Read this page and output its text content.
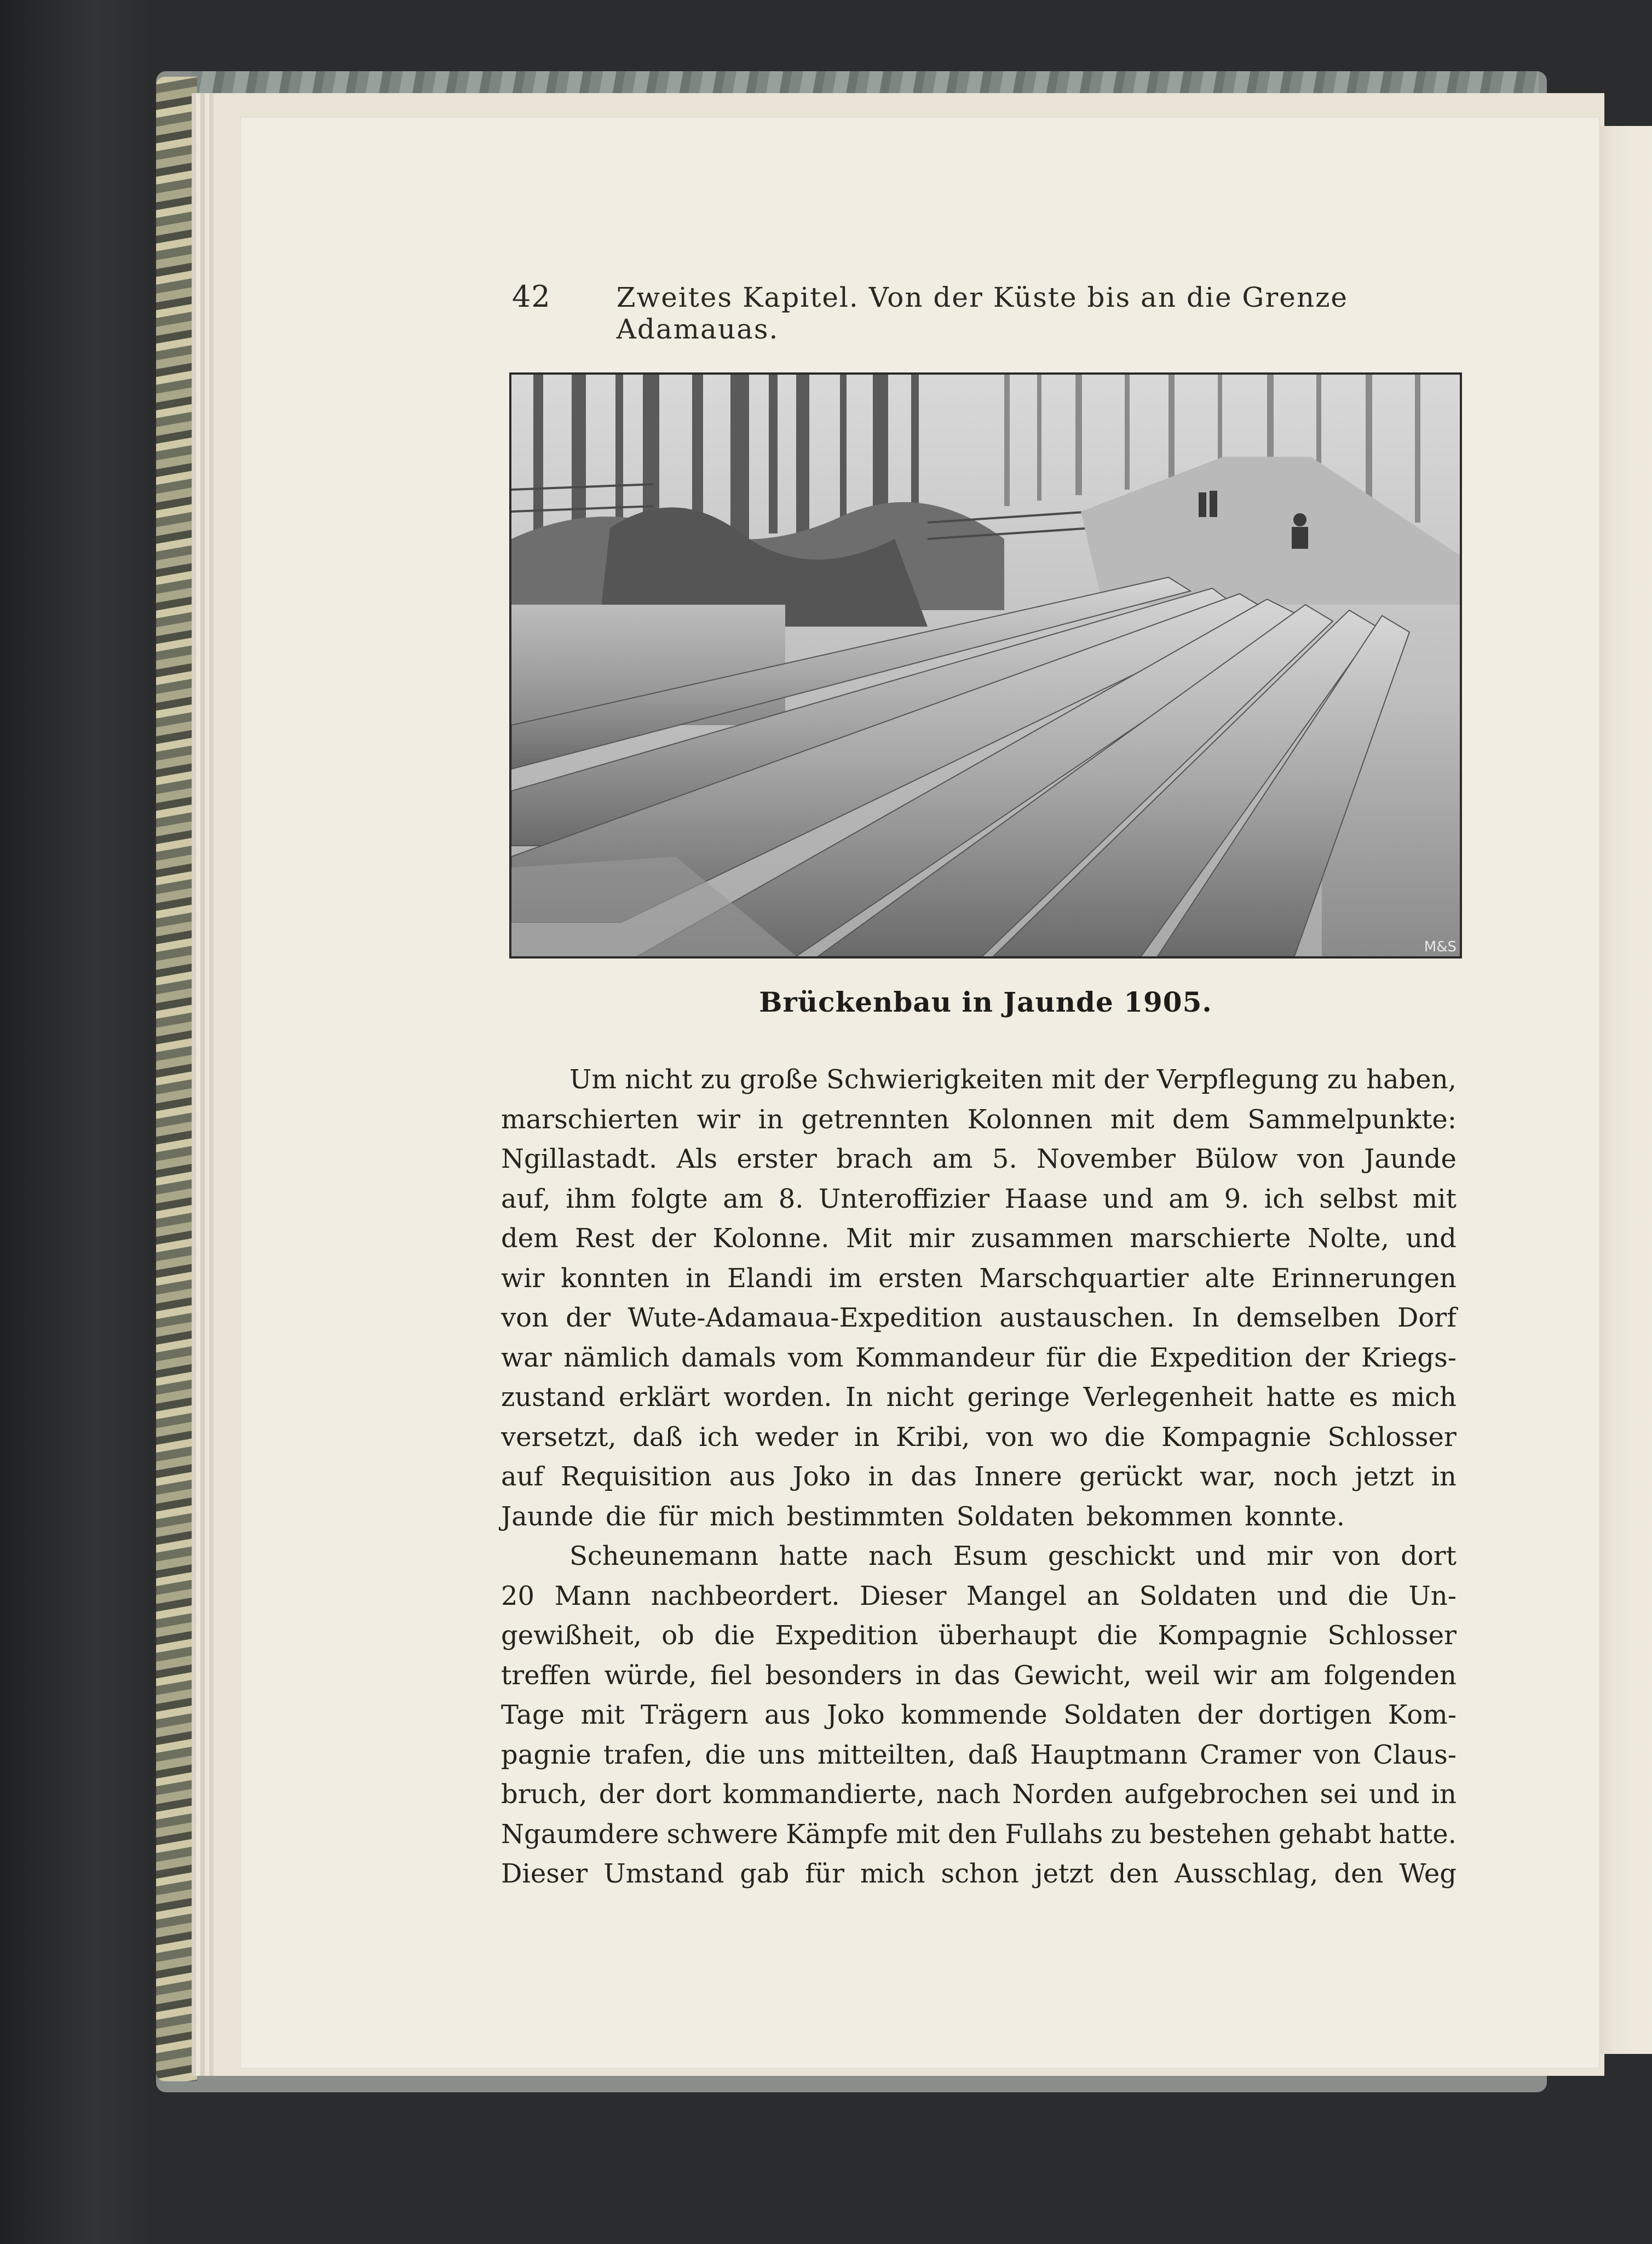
42 Zweites Kapitel. Von der Küste bis an die Grenze Adamauas.
M&S
Brückenbau in Jaunde 1905.
Um nicht zu große Schwierigkeiten mit der Verpflegung zu haben,
marschierten wir in getrennten Kolonnen mit dem Sammelpunkte:
Ngillastadt. Als erster brach am 5. November Bülow von Jaunde
auf, ihm folgte am 8. Unteroffizier Haase und am 9. ich selbst mit
dem Rest der Kolonne. Mit mir zusammen marschierte Nolte, und
wir konnten in Elandi im ersten Marschquartier alte Erinnerungen
von der Wute-Adamaua-Expedition austauschen. In demselben Dorf
war nämlich damals vom Kommandeur für die Expedition der Kriegs-
zustand erklärt worden. In nicht geringe Verlegenheit hatte es mich
versetzt, daß ich weder in Kribi, von wo die Kompagnie Schlosser
auf Requisition aus Joko in das Innere gerückt war, noch jetzt in
Jaunde die für mich bestimmten Soldaten bekommen konnte.
Scheunemann hatte nach Esum geschickt und mir von dort
20 Mann nachbeordert. Dieser Mangel an Soldaten und die Un-
gewißheit, ob die Expedition überhaupt die Kompagnie Schlosser
treffen würde, fiel besonders in das Gewicht, weil wir am folgenden
Tage mit Trägern aus Joko kommende Soldaten der dortigen Kom-
pagnie trafen, die uns mitteilten, daß Hauptmann Cramer von Claus-
bruch, der dort kommandierte, nach Norden aufgebrochen sei und in
Ngaumdere schwere Kämpfe mit den Fullahs zu bestehen gehabt hatte.
Dieser Umstand gab für mich schon jetzt den Ausschlag, den Weg
